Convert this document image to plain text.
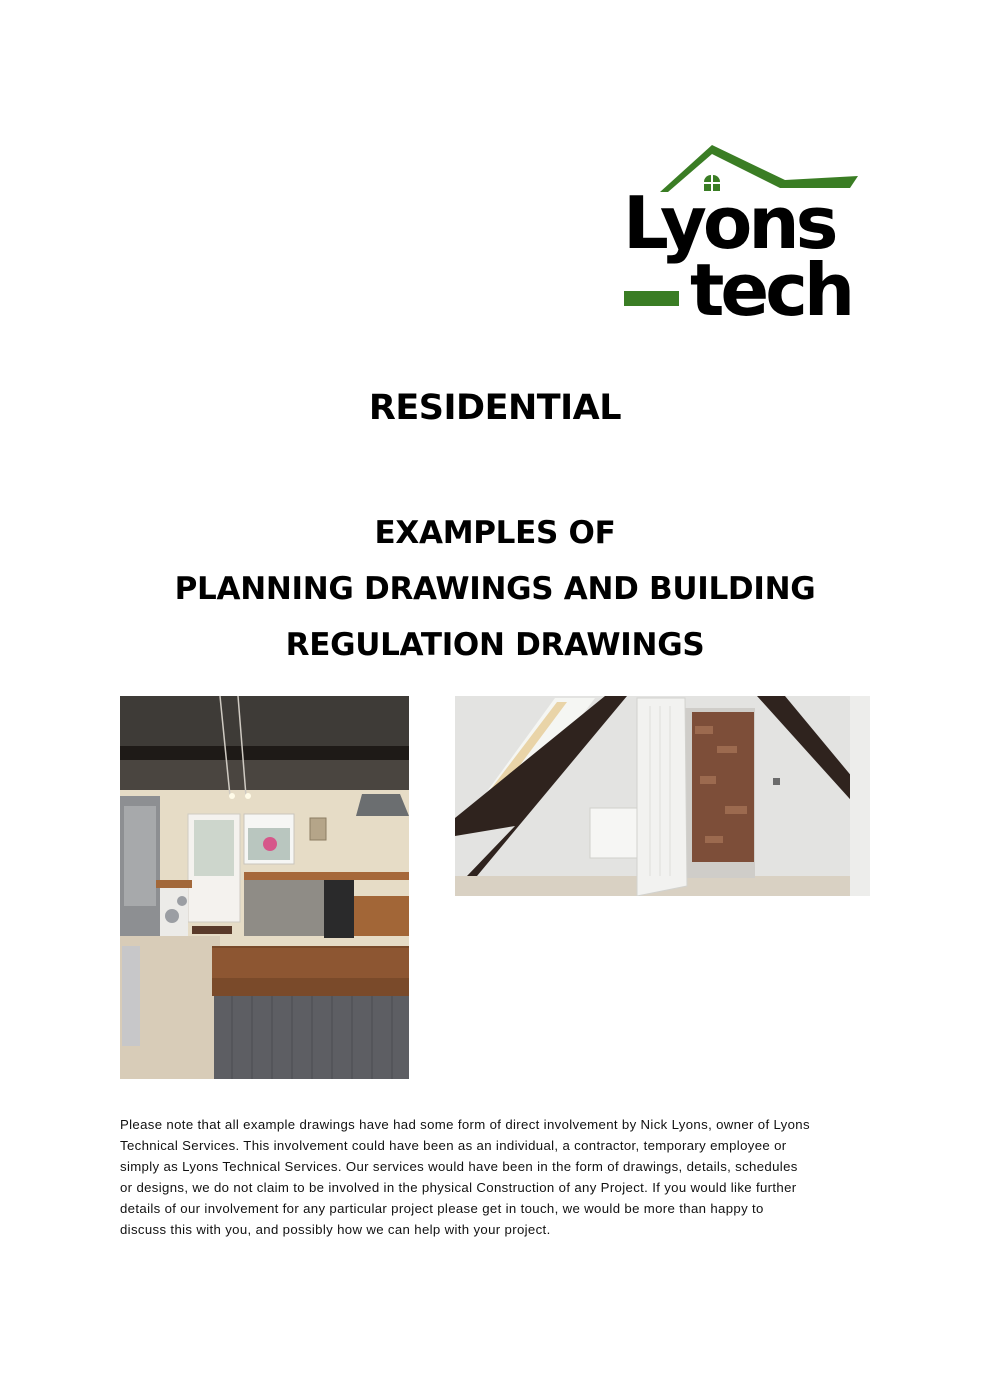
Lyons
tech
RESIDENTIAL
EXAMPLES OF
PLANNING DRAWINGS AND BUILDING
REGULATION DRAWINGS
Please note that all example drawings have had some form of direct involvement by Nick Lyons, owner of Lyons
Technical Services. This involvement could have been as an individual, a contractor, temporary employee or
simply as Lyons Technical Services. Our services would have been in the form of drawings, details, schedules
or designs, we do not claim to be involved in the physical Construction of any Project. If you would like further
details of our involvement for any particular project please get in touch, we would be more than happy to
discuss this with you, and possibly how we can help with your project.
